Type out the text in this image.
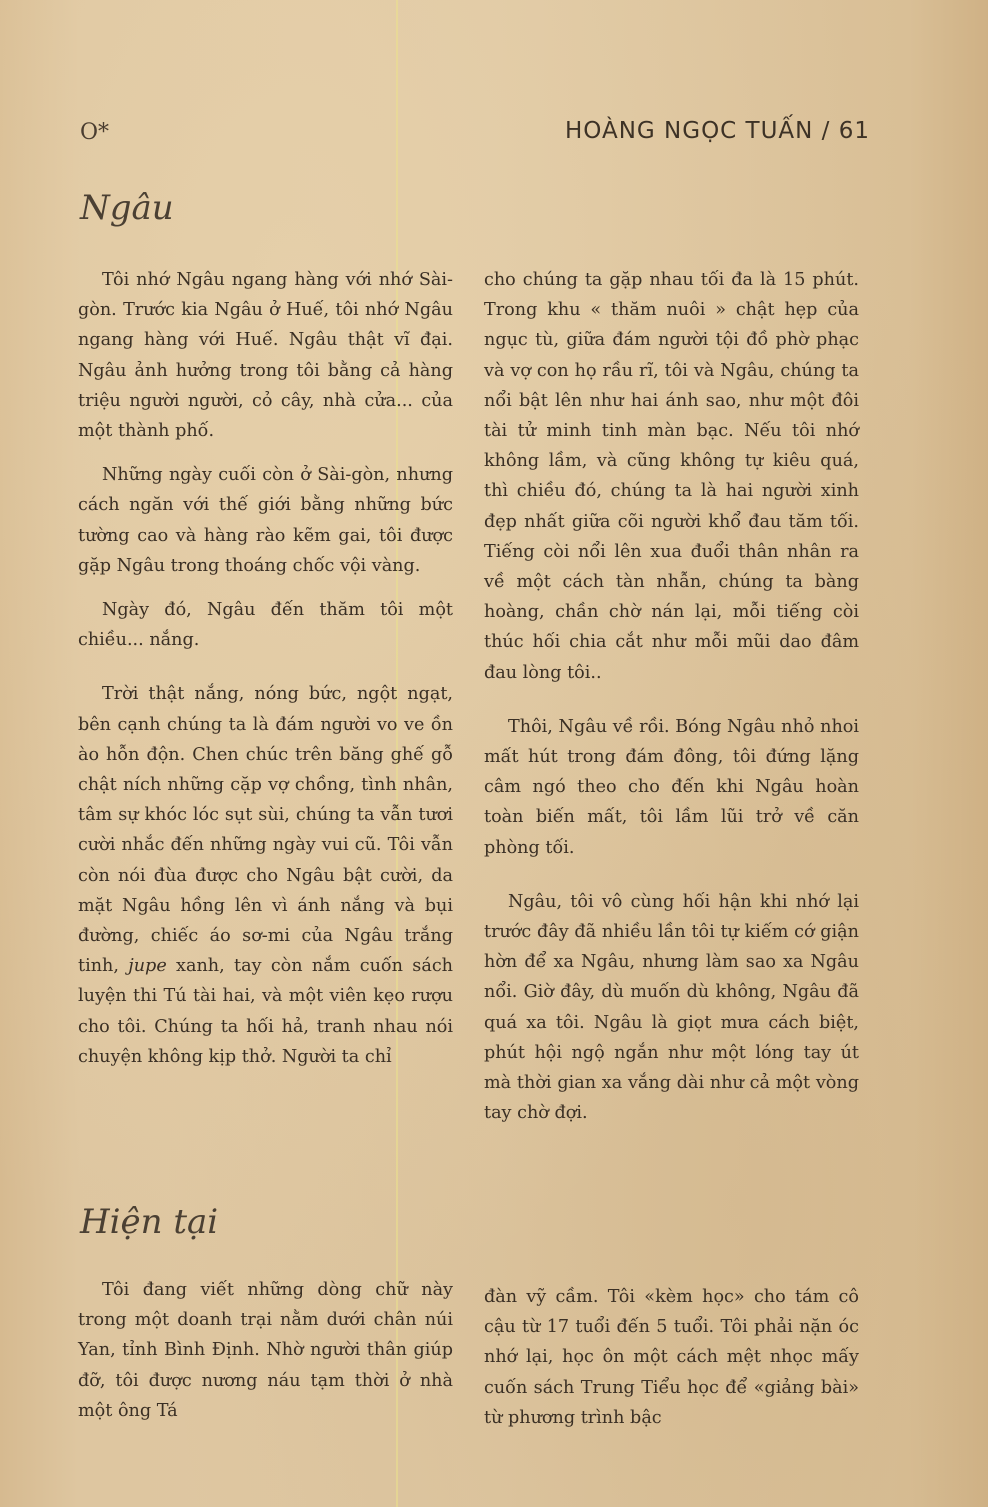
O*	HOÀNG NGỌC TUẤN / 61
Ngâu

Tôi nhớ Ngâu ngang hàng với nhớ Sài-gòn. Trước kia Ngâu ở Huế, tôi nhớ Ngâu ngang hàng với Huế. Ngâu thật vĩ đại. Ngâu ảnh hưởng trong tôi bằng cả hàng triệu người người, cỏ cây, nhà cửa... của một thành phố.

Những ngày cuối còn ở Sài-gòn, nhưng cách ngăn với thế giới bằng những bức tường cao và hàng rào kẽm gai, tôi được gặp Ngâu trong thoáng chốc vội vàng.

Ngày đó, Ngâu đến thăm tôi một chiều... nắng.

Trời thật nắng, nóng bức, ngột ngạt, bên cạnh chúng ta là đám người vo ve ồn ào hỗn độn. Chen chúc trên băng ghế gỗ chật ních những cặp vợ chồng, tình nhân, tâm sự khóc lóc sụt sùi, chúng ta vẫn tươi cười nhắc đến những ngày vui cũ. Tôi vẫn còn nói đùa được cho Ngâu bật cười, da mặt Ngâu hồng lên vì ánh nắng và bụi đường, chiếc áo sơ-mi của Ngâu trắng tinh, jupe xanh, tay còn nắm cuốn sách luyện thi Tú tài hai, và một viên kẹo rượu cho tôi. Chúng ta hối hả, tranh nhau nói chuyện không kịp thở. Người ta chỉ

cho chúng ta gặp nhau tối đa là 15 phút. Trong khu « thăm nuôi » chật hẹp của ngục tù, giữa đám người tội đồ phờ phạc và vợ con họ rầu rĩ, tôi và Ngâu, chúng ta nổi bật lên như hai ánh sao, như một đôi tài tử minh tinh màn bạc. Nếu tôi nhớ không lầm, và cũng không tự kiêu quá, thì chiều đó, chúng ta là hai người xinh đẹp nhất giữa cõi người khổ đau tăm tối. Tiếng còi nổi lên xua đuổi thân nhân ra về một cách tàn nhẫn, chúng ta bàng hoàng, chần chờ nán lại, mỗi tiếng còi thúc hối chia cắt như mỗi mũi dao đâm đau lòng tôi..

Thôi, Ngâu về rồi. Bóng Ngâu nhỏ nhoi mất hút trong đám đông, tôi đứng lặng câm ngó theo cho đến khi Ngâu hoàn toàn biến mất, tôi lầm lũi trở về căn phòng tối.

Ngâu, tôi vô cùng hối hận khi nhớ lại trước đây đã nhiều lần tôi tự kiếm cớ giận hờn để xa Ngâu, nhưng làm sao xa Ngâu nổi. Giờ đây, dù muốn dù không, Ngâu đã quá xa tôi. Ngâu là giọt mưa cách biệt, phút hội ngộ ngắn như một lóng tay út mà thời gian xa vắng dài như cả một vòng tay chờ đợi.

Hiện tại

Tôi đang viết những dòng chữ này trong một doanh trại nằm dưới chân núi Yan, tỉnh Bình Định. Nhờ người thân giúp đỡ, tôi được nương náu tạm thời ở nhà một ông Tá

đàn vỹ cầm. Tôi «kèm học» cho tám cô cậu từ 17 tuổi đến 5 tuổi. Tôi phải nặn óc nhớ lại, học ôn một cách mệt nhọc mấy cuốn sách Trung Tiểu học để «giảng bài» từ phương trình bậc
